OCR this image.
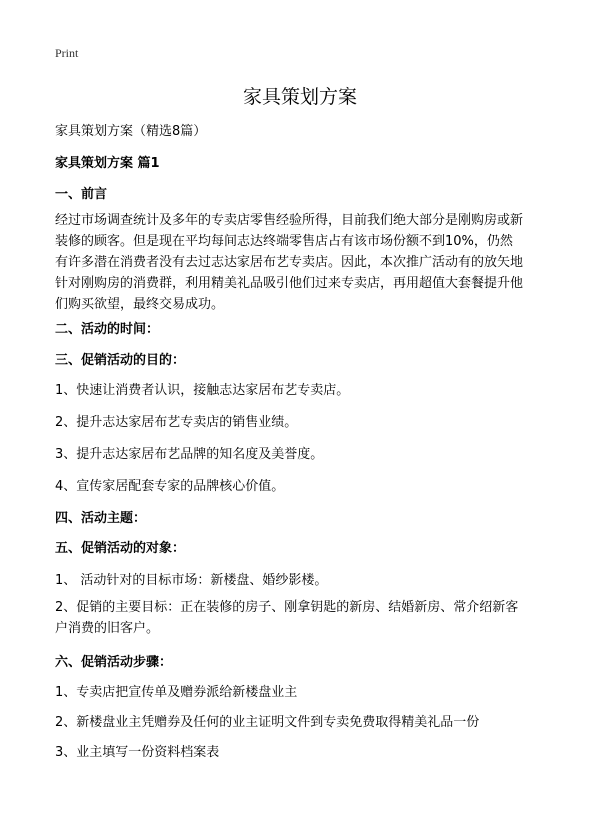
Print
家具策划方案
家具策划方案（精选8篇）
家具策划方案 篇1
一、前言
经过市场调查统计及多年的专卖店零售经验所得，目前我们绝大部分是刚购房或新
装修的顾客。但是现在平均每间志达终端零售店占有该市场份额不到10%，仍然
有许多潜在消费者没有去过志达家居布艺专卖店。因此，本次推广活动有的放矢地
针对刚购房的消费群，利用精美礼品吸引他们过来专卖店，再用超值大套餐提升他
们购买欲望，最终交易成功。
二、活动的时间：
三、促销活动的目的：
1、快速让消费者认识，接触志达家居布艺专卖店。
2、提升志达家居布艺专卖店的销售业绩。
3、提升志达家居布艺品牌的知名度及美誉度。
4、宣传家居配套专家的品牌核心价值。
四、活动主题：
五、促销活动的对象：
1、 活动针对的目标市场：新楼盘、婚纱影楼。
2、促销的主要目标：正在装修的房子、刚拿钥匙的新房、结婚新房、常介绍新客
户消费的旧客户。
六、促销活动步骤：
1、专卖店把宣传单及赠券派给新楼盘业主
2、新楼盘业主凭赠券及任何的业主证明文件到专卖免费取得精美礼品一份
3、业主填写一份资料档案表
